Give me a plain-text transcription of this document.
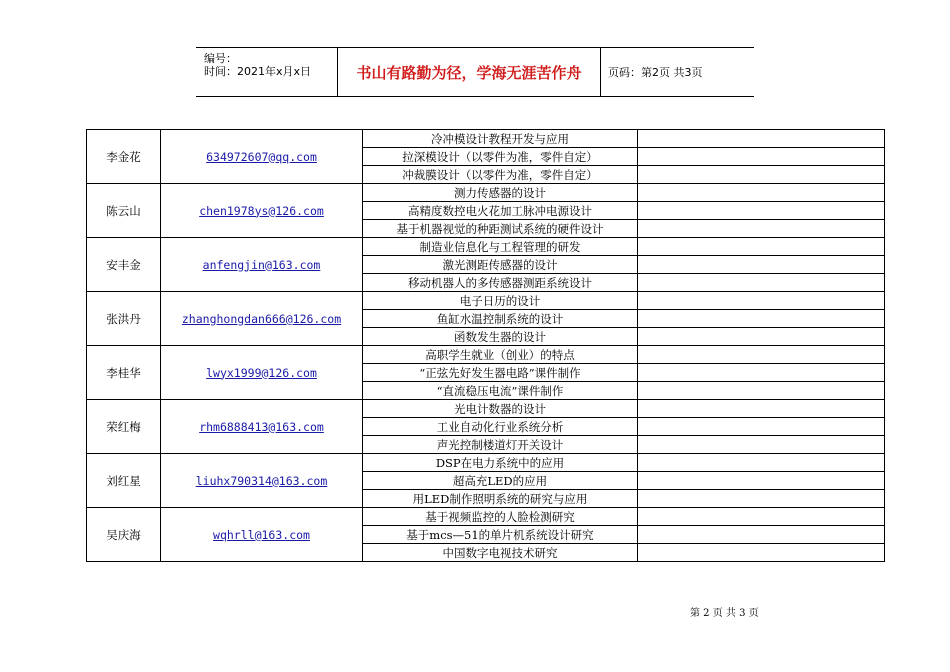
编号：
时间：2021年x月x日	书山有路勤为径，学海无涯苦作舟	页码：第2页 共3页
李金花	634972607@qq.com	冷冲模设计教程开发与应用	
		拉深模设计（以零件为准，零件自定）	
		冲裁膜设计（以零件为准，零件自定）	
陈云山	chen1978ys@126.com	测力传感器的设计	
		高精度数控电火花加工脉冲电源设计	
		基于机器视觉的种距测试系统的硬件设计	
安丰金	anfengjin@163.com	制造业信息化与工程管理的研发	
		激光测距传感器的设计	
		移动机器人的多传感器测距系统设计	
张洪丹	zhanghongdan666@126.com	电子日历的设计	
		鱼缸水温控制系统的设计	
		函数发生器的设计	
李桂华	lwyx1999@126.com	高职学生就业（创业）的特点	
		“正弦先好发生器电路”课件制作	
		“直流稳压电流”课件制作	
荣红梅	rhm6888413@163.com	光电计数器的设计	
		工业自动化行业系统分析	
		声光控制楼道灯开关设计	
刘红星	liuhx790314@163.com	DSP在电力系统中的应用	
		超高充LED的应用	
		用LED制作照明系统的研究与应用	
吴庆海	wqhrll@163.com	基于视频监控的人脸检测研究	
		基于mcs—51的单片机系统设计研究	
		中国数字电视技术研究	
第 2 页 共 3 页
